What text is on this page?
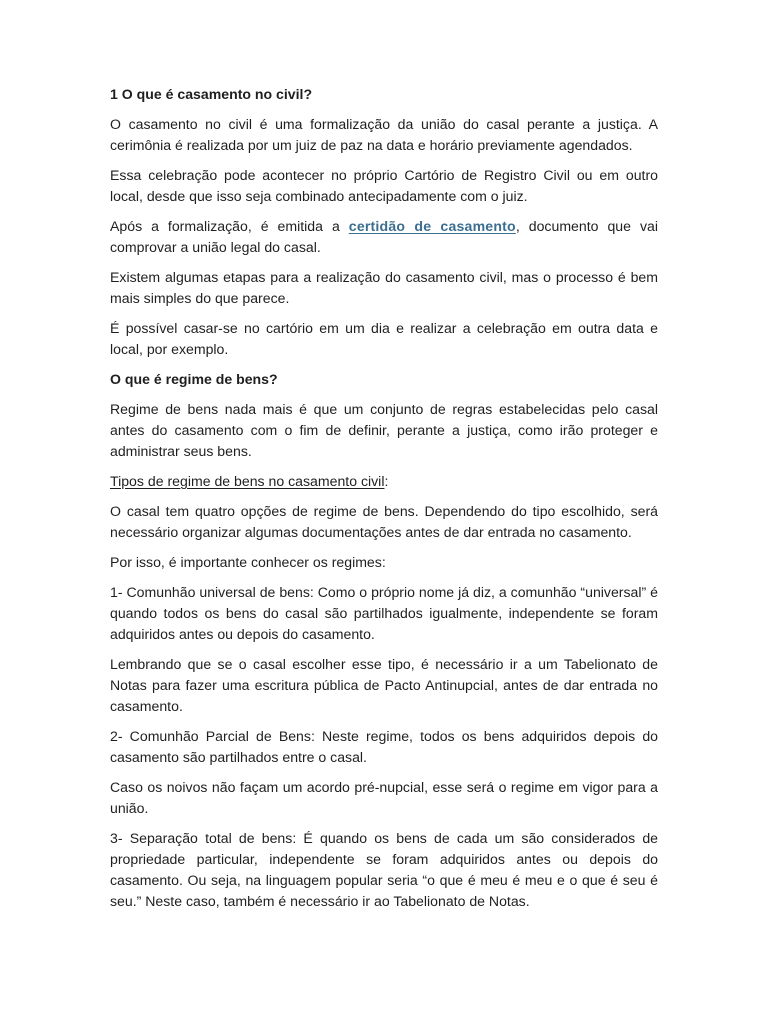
1 O que é casamento no civil?

O casamento no civil é uma formalização da união do casal perante a justiça. A cerimônia é realizada por um juiz de paz na data e horário previamente agendados.

Essa celebração pode acontecer no próprio Cartório de Registro Civil ou em outro local, desde que isso seja combinado antecipadamente com o juiz.

Após a formalização, é emitida a certidão de casamento, documento que vai comprovar a união legal do casal.

Existem algumas etapas para a realização do casamento civil, mas o processo é bem mais simples do que parece.

É possível casar-se no cartório em um dia e realizar a celebração em outra data e local, por exemplo.

O que é regime de bens?

Regime de bens nada mais é que um conjunto de regras estabelecidas pelo casal antes do casamento com o fim de definir, perante a justiça, como irão proteger e administrar seus bens.

Tipos de regime de bens no casamento civil:

O casal tem quatro opções de regime de bens. Dependendo do tipo escolhido, será necessário organizar algumas documentações antes de dar entrada no casamento.

Por isso, é importante conhecer os regimes:

1- Comunhão universal de bens: Como o próprio nome já diz, a comunhão “universal” é quando todos os bens do casal são partilhados igualmente, independente se foram adquiridos antes ou depois do casamento.

Lembrando que se o casal escolher esse tipo, é necessário ir a um Tabelionato de Notas para fazer uma escritura pública de Pacto Antinupcial, antes de dar entrada no casamento.

2- Comunhão Parcial de Bens: Neste regime, todos os bens adquiridos depois do casamento são partilhados entre o casal.

Caso os noivos não façam um acordo pré-nupcial, esse será o regime em vigor para a união.

3- Separação total de bens: É quando os bens de cada um são considerados de propriedade particular, independente se foram adquiridos antes ou depois do casamento. Ou seja, na linguagem popular seria “o que é meu é meu e o que é seu é seu.” Neste caso, também é necessário ir ao Tabelionato de Notas.
